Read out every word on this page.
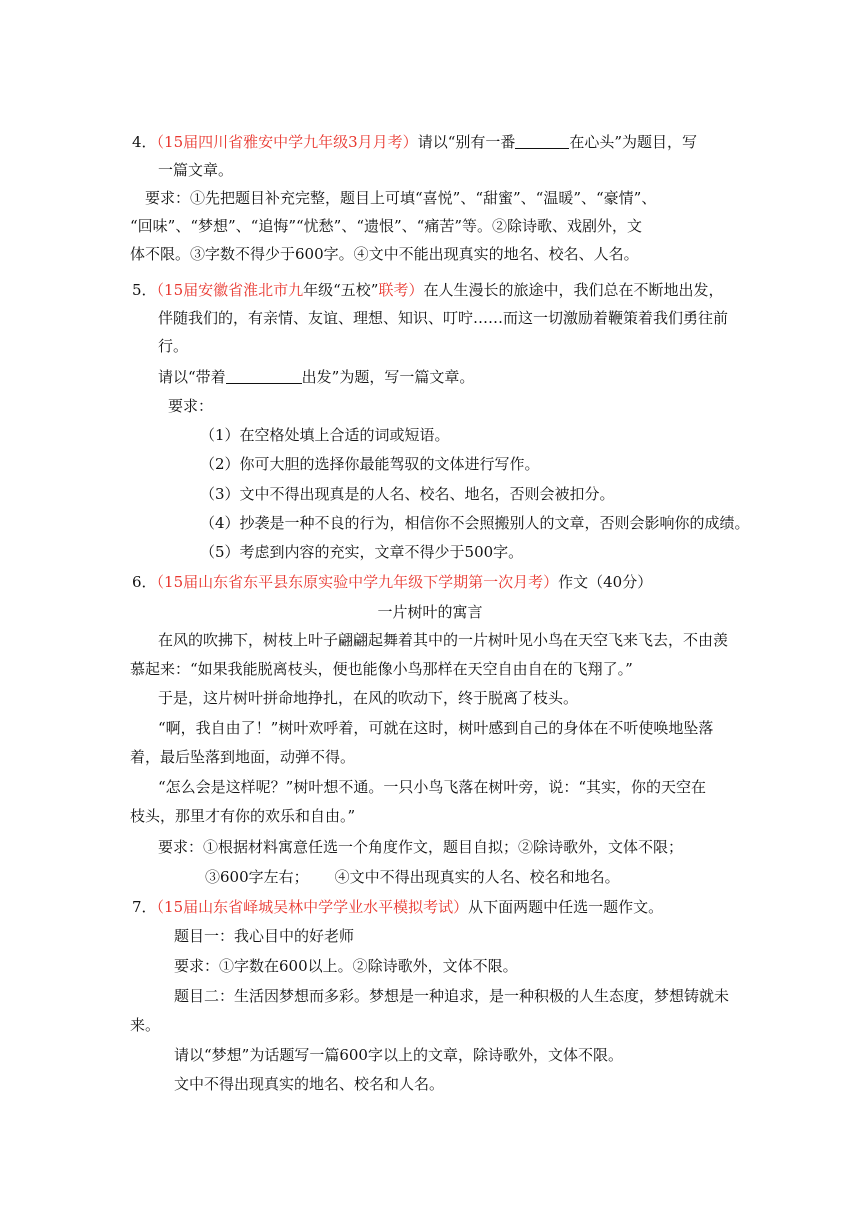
4．（15届四川省雅安中学九年级3月月考）请以“别有一番	在心头”为题目，写
一篇文章。
要求：①先把题目补充完整，题目上可填“喜悦”、“甜蜜”、“温暖”、“豪情”、
“回味”、“梦想”、“追悔”“忧愁”、“遗恨”、“痛苦”等。②除诗歌、戏剧外，文
体不限。③字数不得少于600字。④文中不能出现真实的地名、校名、人名。
5．（15届安徽省淮北市九年级“五校”联考）在人生漫长的旅途中，我们总在不断地出发，
伴随我们的，有亲情、友谊、理想、知识、叮咛……而这一切激励着鞭策着我们勇往前
行。
请以“带着	出发”为题，写一篇文章。
要求：
（1）在空格处填上合适的词或短语。
（2）你可大胆的选择你最能驾驭的文体进行写作。
（3）文中不得出现真是的人名、校名、地名，否则会被扣分。
（4）抄袭是一种不良的行为，相信你不会照搬别人的文章，否则会影响你的成绩。
（5）考虑到内容的充实，文章不得少于500字。
6．（15届山东省东平县东原实验中学九年级下学期第一次月考）作文（40分）
一片树叶的寓言
在风的吹拂下，树枝上叶子翩翩起舞着其中的一片树叶见小鸟在天空飞来飞去，不由羡
慕起来：“如果我能脱离枝头，便也能像小鸟那样在天空自由自在的飞翔了。”
于是，这片树叶拼命地挣扎，在风的吹动下，终于脱离了枝头。
“啊，我自由了！”树叶欢呼着，可就在这时，树叶感到自己的身体在不听使唤地坠落
着，最后坠落到地面，动弹不得。
“怎么会是这样呢？”树叶想不通。一只小鸟飞落在树叶旁，说：“其实，你的天空在
枝头，那里才有你的欢乐和自由。”
要求：①根据材料寓意任选一个角度作文，题目自拟；②除诗歌外，文体不限；
③600字左右； ④文中不得出现真实的人名、校名和地名。
7．（15届山东省峄城吴林中学学业水平模拟考试）从下面两题中任选一题作文。
题目一：我心目中的好老师
要求：①字数在600以上。②除诗歌外，文体不限。
题目二：生活因梦想而多彩。梦想是一种追求，是一种积极的人生态度，梦想铸就未
来。
请以“梦想”为话题写一篇600字以上的文章，除诗歌外，文体不限。
文中不得出现真实的地名、校名和人名。
